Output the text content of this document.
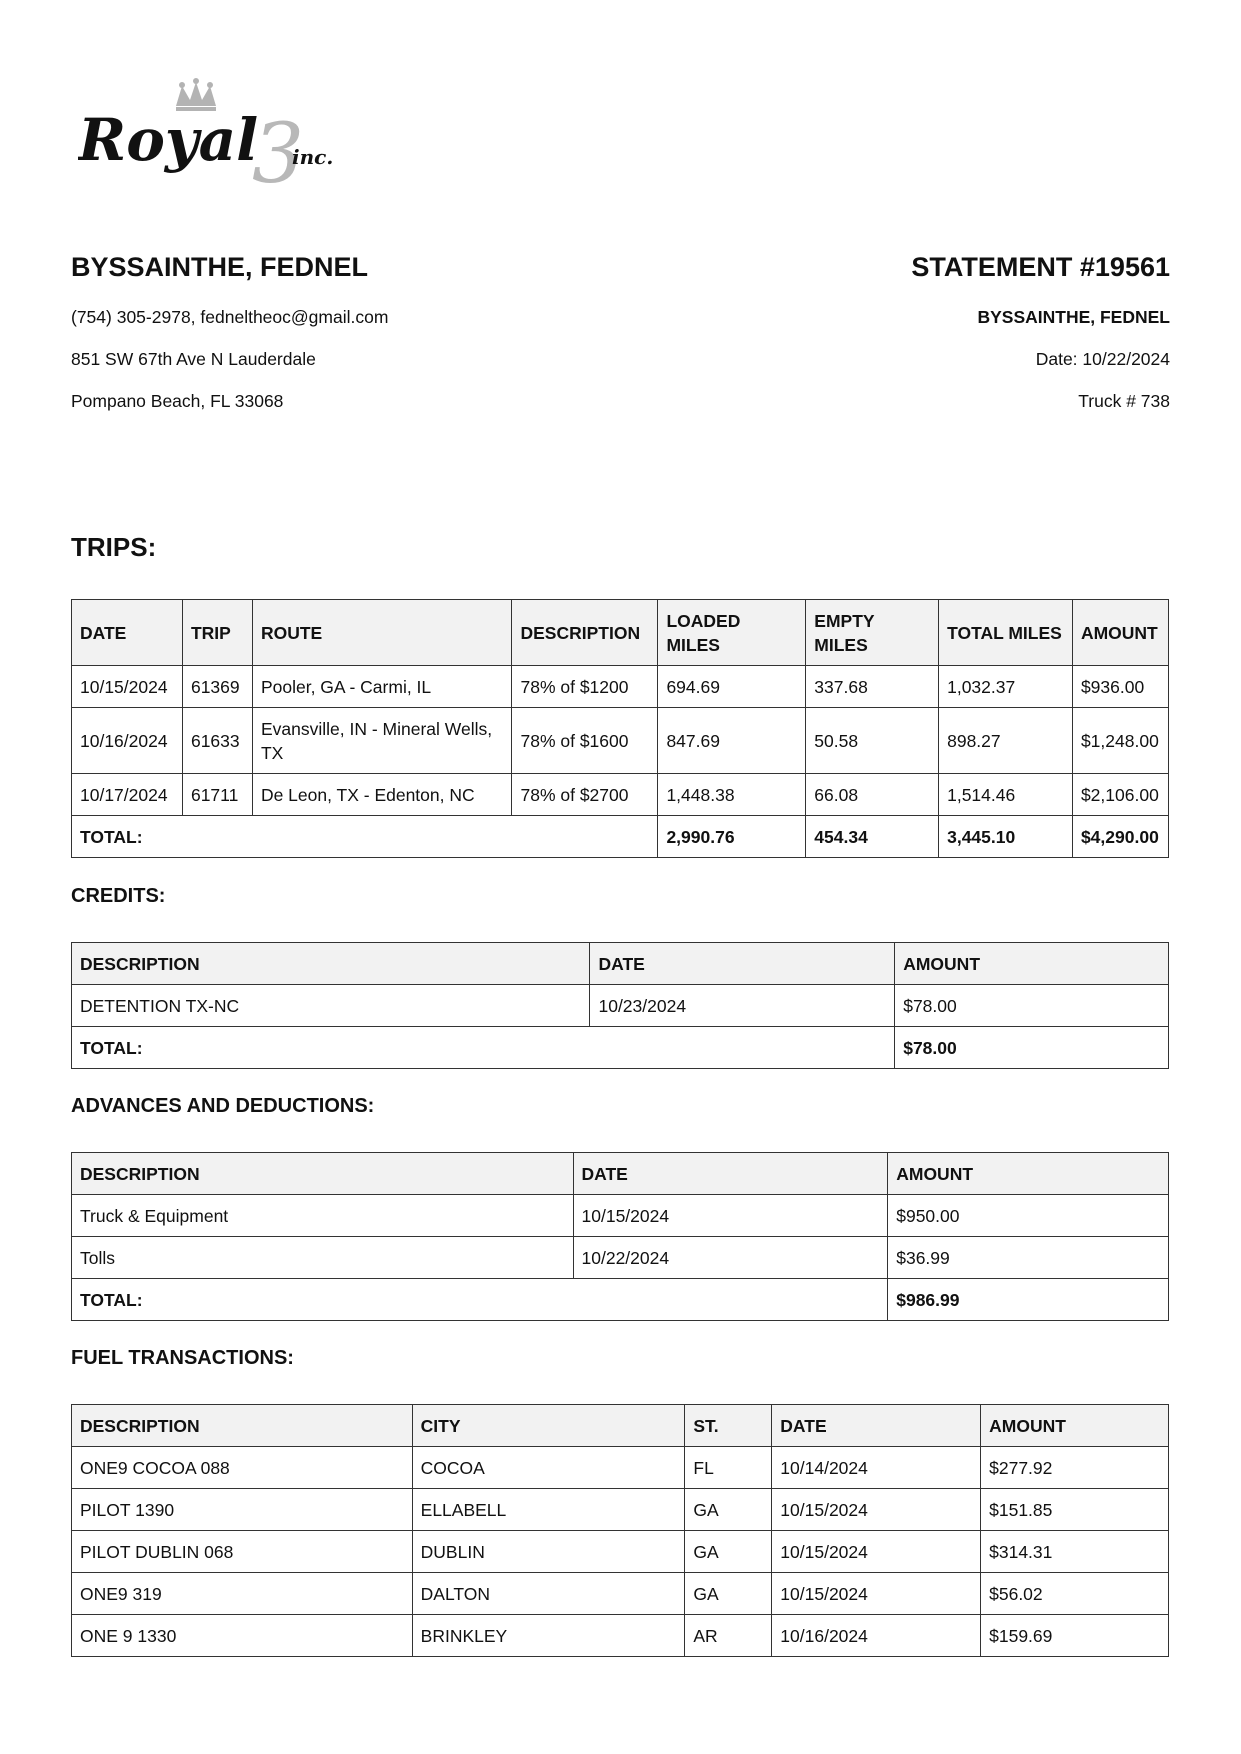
3
Royal inc.
BYSSAINTHE, FEDNEL
(754) 305-2978, fedneltheoc@gmail.com
851 SW 67th Ave N Lauderdale
Pompano Beach, FL 33068
STATEMENT #19561
BYSSAINTHE, FEDNEL
Date: 10/22/2024
Truck # 738
TRIPS:
DATE	TRIP	ROUTE	DESCRIPTION	LOADED MILES	EMPTY MILES	TOTAL MILES	AMOUNT
10/15/2024	61369	Pooler, GA - Carmi, IL	78% of $1200	694.69	337.68	1,032.37	$936.00
10/16/2024	61633	Evansville, IN - Mineral Wells, TX	78% of $1600	847.69	50.58	898.27	$1,248.00
10/17/2024	61711	De Leon, TX - Edenton, NC	78% of $2700	1,448.38	66.08	1,514.46	$2,106.00
TOTAL:				2,990.76	454.34	3,445.10	$4,290.00
CREDITS:
DESCRIPTION	DATE	AMOUNT
DETENTION TX-NC	10/23/2024	$78.00
TOTAL:		$78.00
ADVANCES AND DEDUCTIONS:
DESCRIPTION	DATE	AMOUNT
Truck & Equipment	10/15/2024	$950.00
Tolls	10/22/2024	$36.99
TOTAL:		$986.99
FUEL TRANSACTIONS:
DESCRIPTION	CITY	ST.	DATE	AMOUNT
ONE9 COCOA 088	COCOA	FL	10/14/2024	$277.92
PILOT 1390	ELLABELL	GA	10/15/2024	$151.85
PILOT DUBLIN 068	DUBLIN	GA	10/15/2024	$314.31
ONE9 319	DALTON	GA	10/15/2024	$56.02
ONE 9 1330	BRINKLEY	AR	10/16/2024	$159.69
